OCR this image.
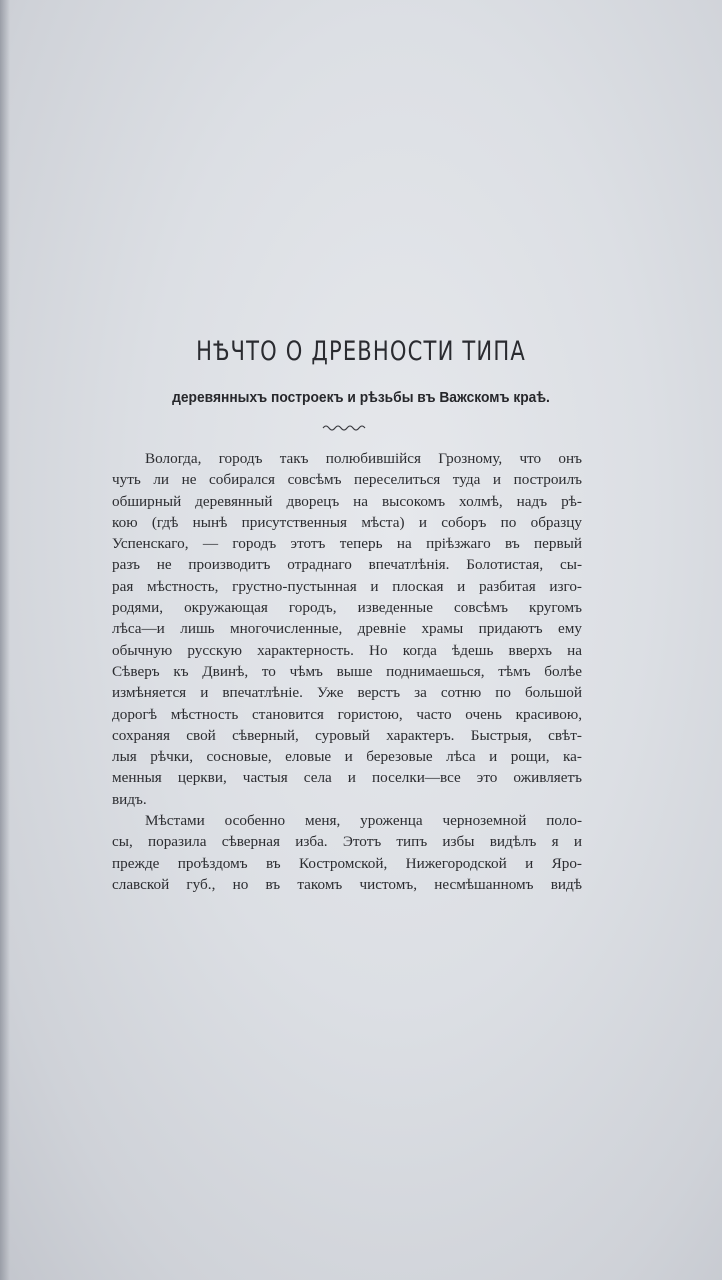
НѢЧТО О ДРЕВНОСТИ ТИПА
деревянныхъ построекъ и рѣзьбы въ Важскомъ краѣ.
Вологда, городъ такъ полюбившійся Грозному, что онъ
чуть ли не собирался совсѣмъ переселиться туда и построилъ
обширный деревянный дворецъ на высокомъ холмѣ, надъ рѣ-
кою (гдѣ нынѣ присутственныя мѣста) и соборъ по образцу
Успенскаго, — городъ этотъ теперь на пріѣзжаго въ первый
разъ не производитъ отраднаго впечатлѣнія. Болотистая, сы-
рая мѣстность, грустно-пустынная и плоская и разбитая изго-
родями, окружающая городъ, изведенные совсѣмъ кругомъ
лѣса—и лишь многочисленные, древніе храмы придаютъ ему
обычную русскую характерность. Но когда ѣдешь вверхъ на
Сѣверъ къ Двинѣ, то чѣмъ выше поднимаешься, тѣмъ болѣе
измѣняется и впечатлѣніе. Уже верстъ за сотню по большой
дорогѣ мѣстность становится гористою, часто очень красивою,
сохраняя свой сѣверный, суровый характеръ. Быстрыя, свѣт-
лыя рѣчки, сосновые, еловые и березовые лѣса и рощи, ка-
менныя церкви, частыя села и поселки—все это оживляетъ
видъ.
Мѣстами особенно меня, уроженца черноземной поло-
сы, поразила сѣверная изба. Этотъ типъ избы видѣлъ я и
прежде проѣздомъ въ Костромской, Нижегородской и Яро-
славской губ., но въ такомъ чистомъ, несмѣшанномъ видѣ
